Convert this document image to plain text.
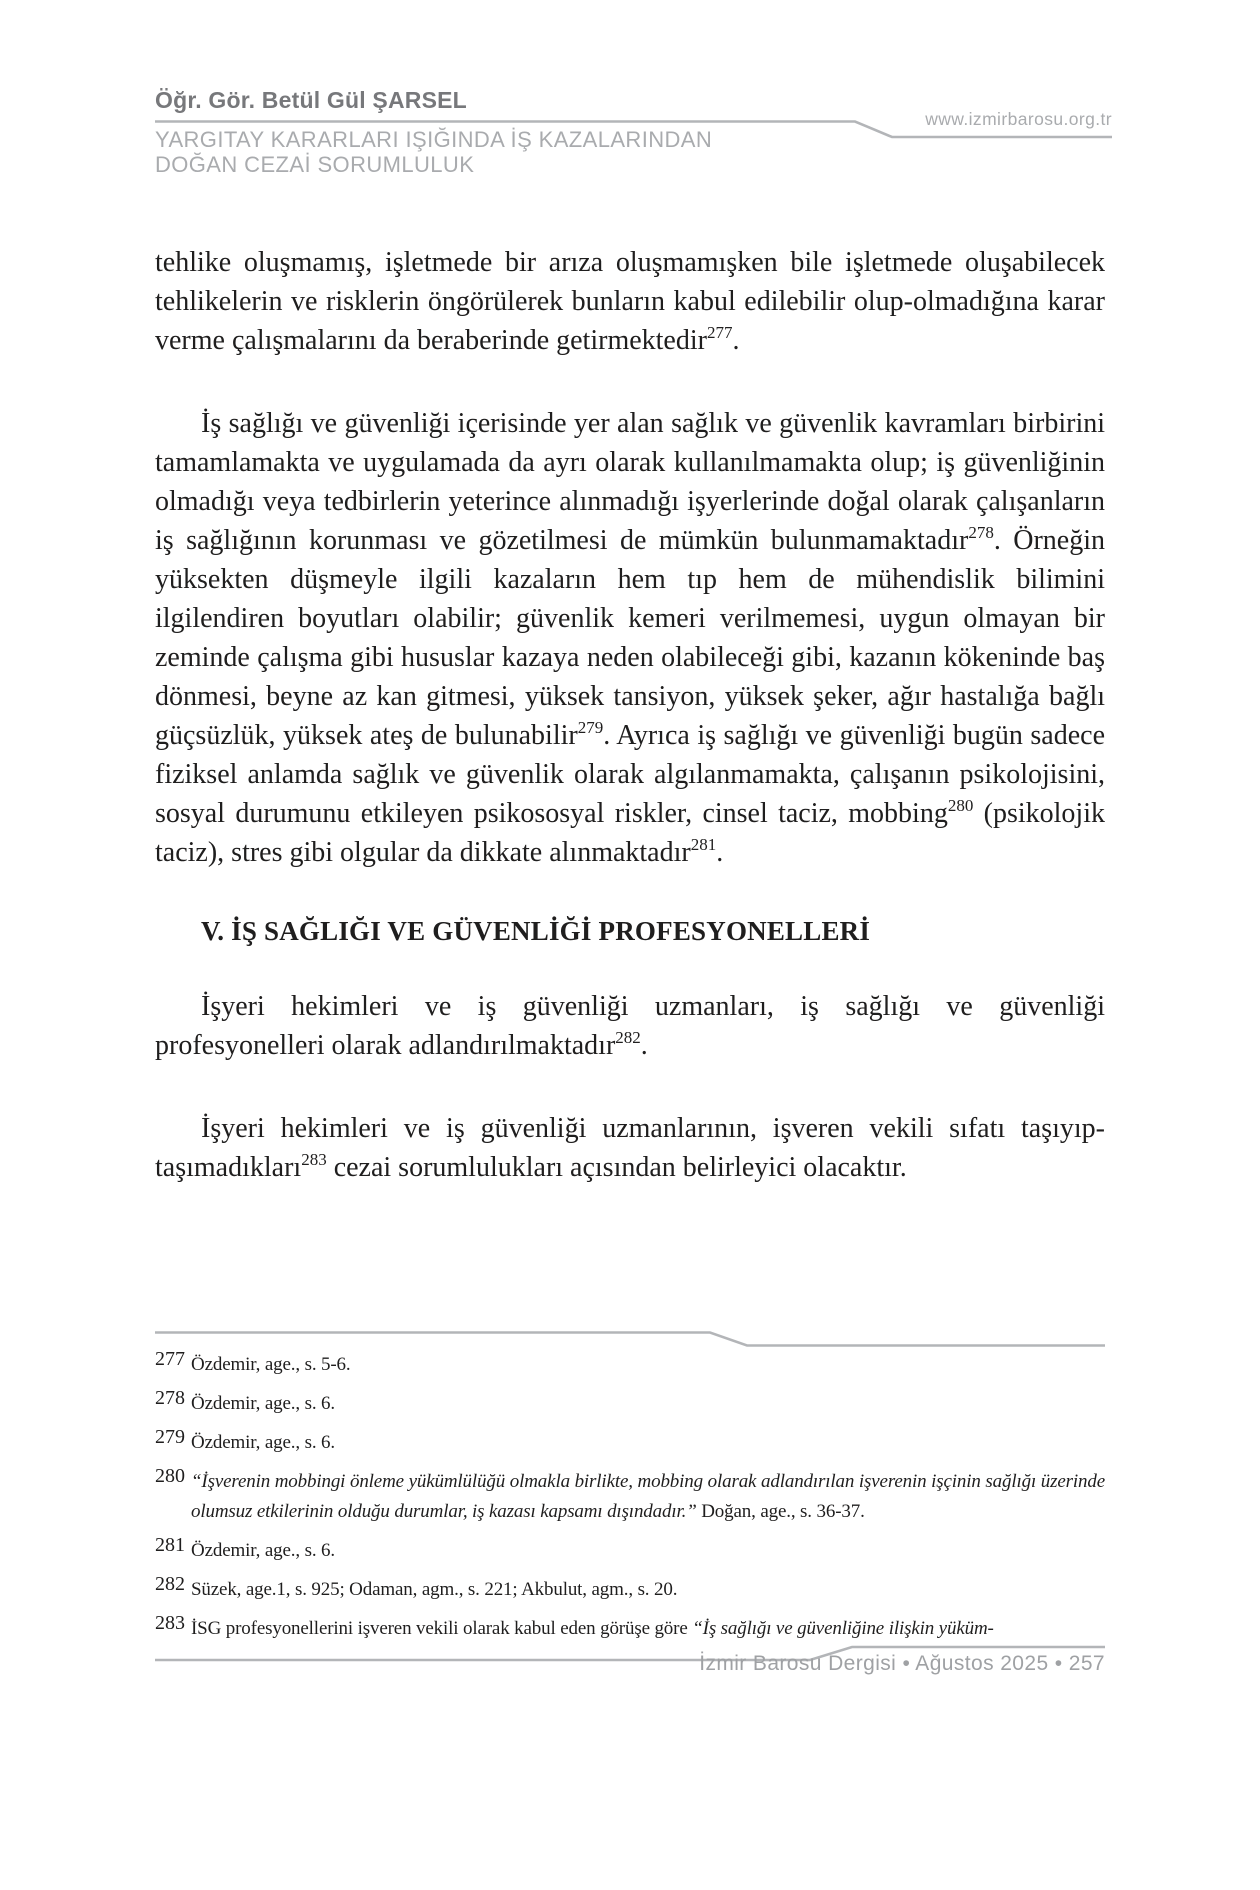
Öğr. Gör. Betül Gül ŞARSEL
www.izmirbarosu.org.tr
YARGITAY KARARLARI IŞIĞINDA İŞ KAZALARINDAN
DOĞAN CEZAİ SORUMLULUK

tehlike oluşmamış, işletmede bir arıza oluşmamışken bile işletmede oluşabilecek tehlikelerin ve risklerin öngörülerek bunların kabul edilebilir olup-olmadığına karar verme çalışmalarını da beraberinde getirmektedir$^{277}$.

İş sağlığı ve güvenliği içerisinde yer alan sağlık ve güvenlik kavramları birbirini tamamlamakta ve uygulamada da ayrı olarak kullanılmamakta olup; iş güvenliğinin olmadığı veya tedbirlerin yeterince alınmadığı işyerlerinde doğal olarak çalışanların iş sağlığının korunması ve gözetilmesi de mümkün bulunmamaktadır$^{278}$. Örneğin yüksekten düşmeyle ilgili kazaların hem tıp hem de mühendislik bilimini ilgilendiren boyutları olabilir; güvenlik kemeri verilmemesi, uygun olmayan bir zeminde çalışma gibi hususlar kazaya neden olabileceği gibi, kazanın kökeninde baş dönmesi, beyne az kan gitmesi, yüksek tansiyon, yüksek şeker, ağır hastalığa bağlı güçsüzlük, yüksek ateş de bulunabilir$^{279}$. Ayrıca iş sağlığı ve güvenliği bugün sadece fiziksel anlamda sağlık ve güvenlik olarak algılanmamakta, çalışanın psikolojisini, sosyal durumunu etkileyen psikososyal riskler, cinsel taciz, mobbing$^{280}$ (psikolojik taciz), stres gibi olgular da dikkate alınmaktadır$^{281}$.

V. İŞ SAĞLIĞI VE GÜVENLİĞİ PROFESYONELLERİ

İşyeri hekimleri ve iş güvenliği uzmanları, iş sağlığı ve güvenliği profesyonelleri olarak adlandırılmaktadır$^{282}$.

İşyeri hekimleri ve iş güvenliği uzmanlarının, işveren vekili sıfatı taşıyıp-taşımadıkları$^{283}$ cezai sorumlulukları açısından belirleyici olacaktır.

277 Özdemir, age., s. 5-6.
278 Özdemir, age., s. 6.
279 Özdemir, age., s. 6.
280 “İşverenin mobbingi önleme yükümlülüğü olmakla birlikte, mobbing olarak adlandırılan işverenin işçinin sağlığı üzerinde olumsuz etkilerinin olduğu durumlar, iş kazası kapsamı dışındadır.” Doğan, age., s. 36-37.
281 Özdemir, age., s. 6.
282 Süzek, age.1, s. 925; Odaman, agm., s. 221; Akbulut, agm., s. 20.
283 İSG profesyonellerini işveren vekili olarak kabul eden görüşe göre “İş sağlığı ve güvenliğine ilişkin yüküm-
İzmir Barosu Dergisi • Ağustos 2025 • 257
